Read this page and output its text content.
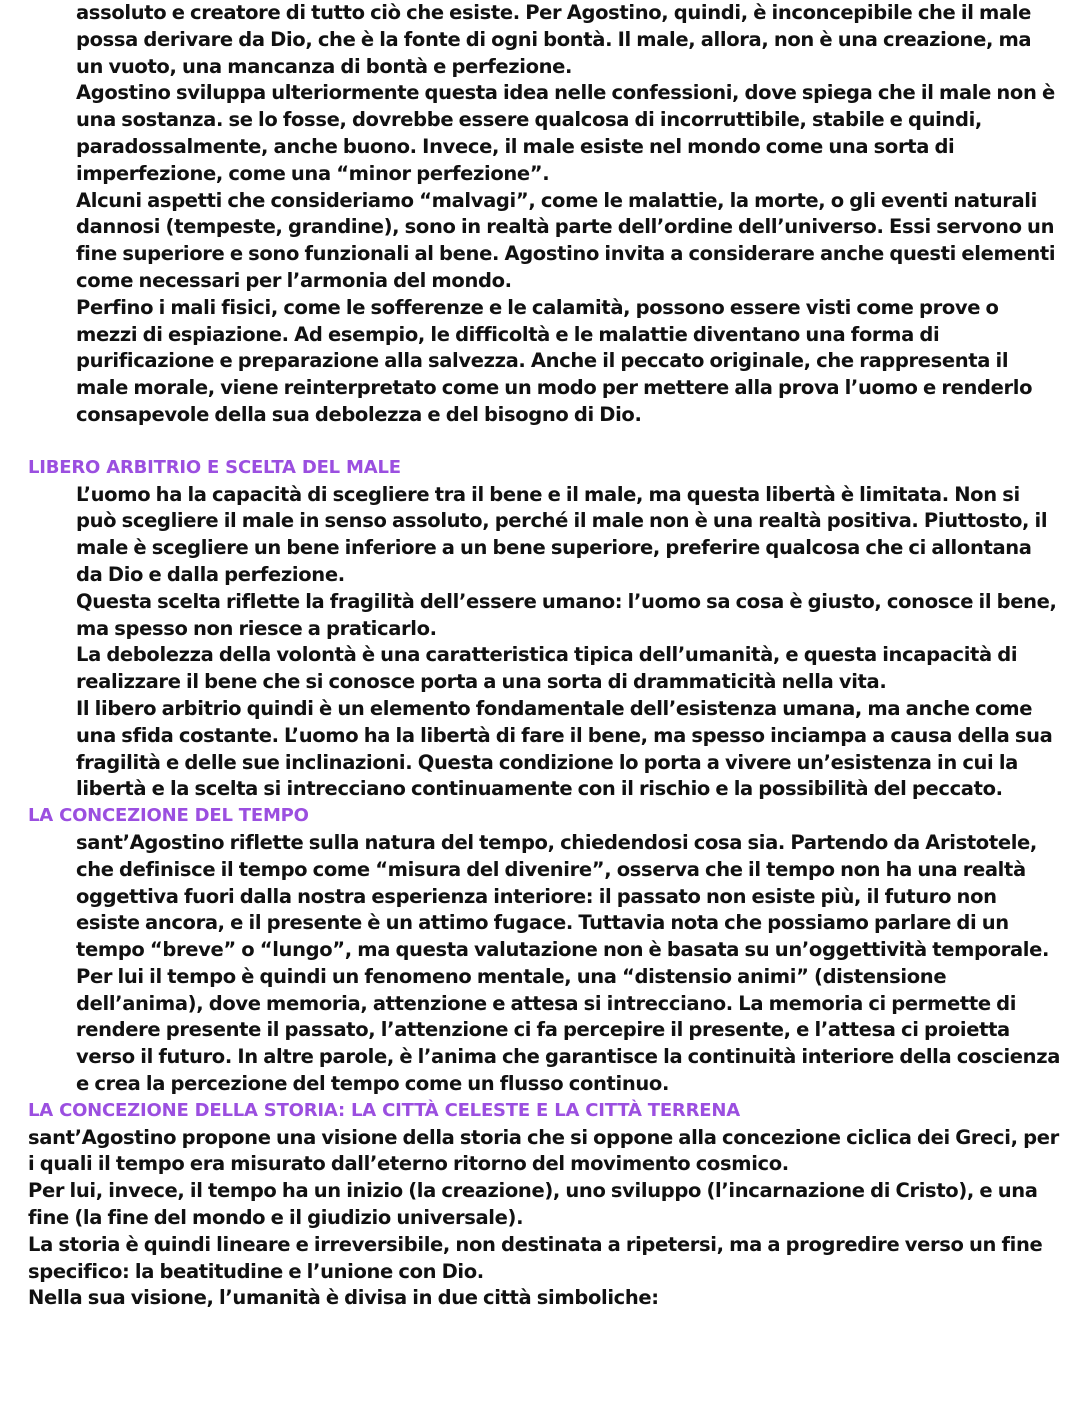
assoluto e creatore di tutto ciò che esiste. Per Agostino, quindi, è inconcepibile che il male possa derivare da Dio, che è la fonte di ogni bontà. Il male, allora, non è una creazione, ma un vuoto, una mancanza di bontà e perfezione.

Agostino sviluppa ulteriormente questa idea nelle confessioni, dove spiega che il male non è una sostanza. se lo fosse, dovrebbe essere qualcosa di incorruttibile, stabile e quindi, paradossalmente, anche buono. Invece, il male esiste nel mondo come una sorta di imperfezione, come una “minor perfezione”.

Alcuni aspetti che consideriamo “malvagi”, come le malattie, la morte, o gli eventi naturali dannosi (tempeste, grandine), sono in realtà parte dell’ordine dell’universo. Essi servono un fine superiore e sono funzionali al bene. Agostino invita a considerare anche questi elementi come necessari per l’armonia del mondo.

Perfino i mali fisici, come le sofferenze e le calamità, possono essere visti come prove o mezzi di espiazione. Ad esempio, le difficoltà e le malattie diventano una forma di purificazione e preparazione alla salvezza. Anche il peccato originale, che rappresenta il male morale, viene reinterpretato come un modo per mettere alla prova l’uomo e renderlo consapevole della sua debolezza e del bisogno di Dio.

LIBERO ARBITRIO E SCELTA DEL MALE

L’uomo ha la capacità di scegliere tra il bene e il male, ma questa libertà è limitata. Non si può scegliere il male in senso assoluto, perché il male non è una realtà positiva. Piuttosto, il male è scegliere un bene inferiore a un bene superiore, preferire qualcosa che ci allontana da Dio e dalla perfezione.

Questa scelta riflette la fragilità dell’essere umano: l’uomo sa cosa è giusto, conosce il bene, ma spesso non riesce a praticarlo.

La debolezza della volontà è una caratteristica tipica dell’umanità, e questa incapacità di realizzare il bene che si conosce porta a una sorta di drammaticità nella vita.

Il libero arbitrio quindi è un elemento fondamentale dell’esistenza umana, ma anche come una sfida costante. L’uomo ha la libertà di fare il bene, ma spesso inciampa a causa della sua fragilità e delle sue inclinazioni. Questa condizione lo porta a vivere un’esistenza in cui la libertà e la scelta si intrecciano continuamente con il rischio e la possibilità del peccato.

LA CONCEZIONE DEL TEMPO

sant’Agostino riflette sulla natura del tempo, chiedendosi cosa sia. Partendo da Aristotele, che definisce il tempo come “misura del divenire”, osserva che il tempo non ha una realtà oggettiva fuori dalla nostra esperienza interiore: il passato non esiste più, il futuro non esiste ancora, e il presente è un attimo fugace. Tuttavia nota che possiamo parlare di un tempo “breve” o “lungo”, ma questa valutazione non è basata su un’oggettività temporale.

Per lui il tempo è quindi un fenomeno mentale, una “distensio animi” (distensione dell’anima), dove memoria, attenzione e attesa si intrecciano. La memoria ci permette di rendere presente il passato, l’attenzione ci fa percepire il presente, e l’attesa ci proietta verso il futuro. In altre parole, è l’anima che garantisce la continuità interiore della coscienza e crea la percezione del tempo come un flusso continuo.

LA CONCEZIONE DELLA STORIA: LA CITTÀ CELESTE E LA CITTÀ TERRENA

sant’Agostino propone una visione della storia che si oppone alla concezione ciclica dei Greci, per i quali il tempo era misurato dall’eterno ritorno del movimento cosmico.

Per lui, invece, il tempo ha un inizio (la creazione), uno sviluppo (l’incarnazione di Cristo), e una fine (la fine del mondo e il giudizio universale).

La storia è quindi lineare e irreversibile, non destinata a ripetersi, ma a progredire verso un fine specifico: la beatitudine e l’unione con Dio.

Nella sua visione, l’umanità è divisa in due città simboliche:
